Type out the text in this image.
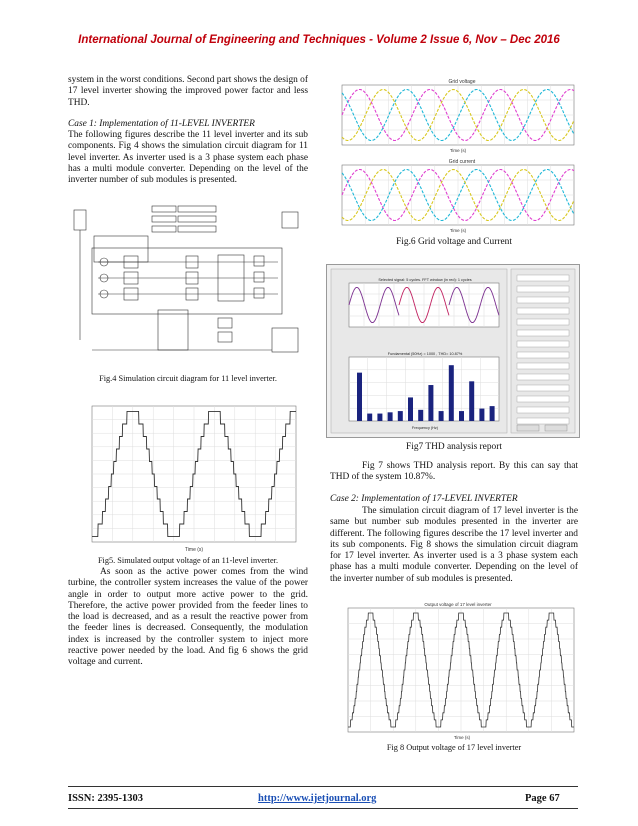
International Journal of Engineering and Techniques - Volume 2 Issue 6, Nov – Dec 2016

system in the worst conditions. Second part shows the design of 17 level inverter showing the improved power factor and less THD.

Case 1: Implementation of 11-LEVEL INVERTER

The following figures describe the 11 level inverter and its sub components. Fig 4 shows the simulation circuit diagram for 11 level inverter. As inverter used is a 3 phase system each phase has a multi module converter. Depending on the level of the inverter number of sub modules is presented.

Fig.4 Simulation circuit diagram for 11 level inverter.
Time (s)
Fig5. Simulated output voltage of an 11-level inverter.

As soon as the active power comes from the wind turbine, the controller system increases the value of the power angle in order to output more active power to the grid. Therefore, the active power provided from the feeder lines to the load is decreased, and as a result the reactive power from the feeder lines is decreased. Consequently, the modulation index is increased by the controller system to inject more reactive power needed by the load. And fig 6 shows the grid voltage and current.

Grid voltage
Time (s)
Grid current
Time (s)
Fig.6 Grid voltage and Current
Selected signal: 5 cycles. FFT window (in red): 1 cycles
Fundamental (50Hz) = 1000 , THD= 10.87%
Frequency (Hz)
Fig7 THD analysis report

Fig 7 shows THD analysis report. By this can say that THD of the system 10.87%.

Case 2: Implementation of 17-LEVEL INVERTER

The simulation circuit diagram of 17 level inverter is the same but number sub modules presented in the inverter are different. The following figures describe the 17 level inverter and its sub components. Fig 8 shows the simulation circuit diagram for 17 level inverter. As inverter used is a 3 phase system each phase has a multi module converter. Depending on the level of the inverter number of sub modules is presented.

Output voltage of 17 level inverter
Time (s)
Fig 8 Output voltage of 17 level inverter
ISSN: 2395-1303	http://www.ijetjournal.org	Page 67
